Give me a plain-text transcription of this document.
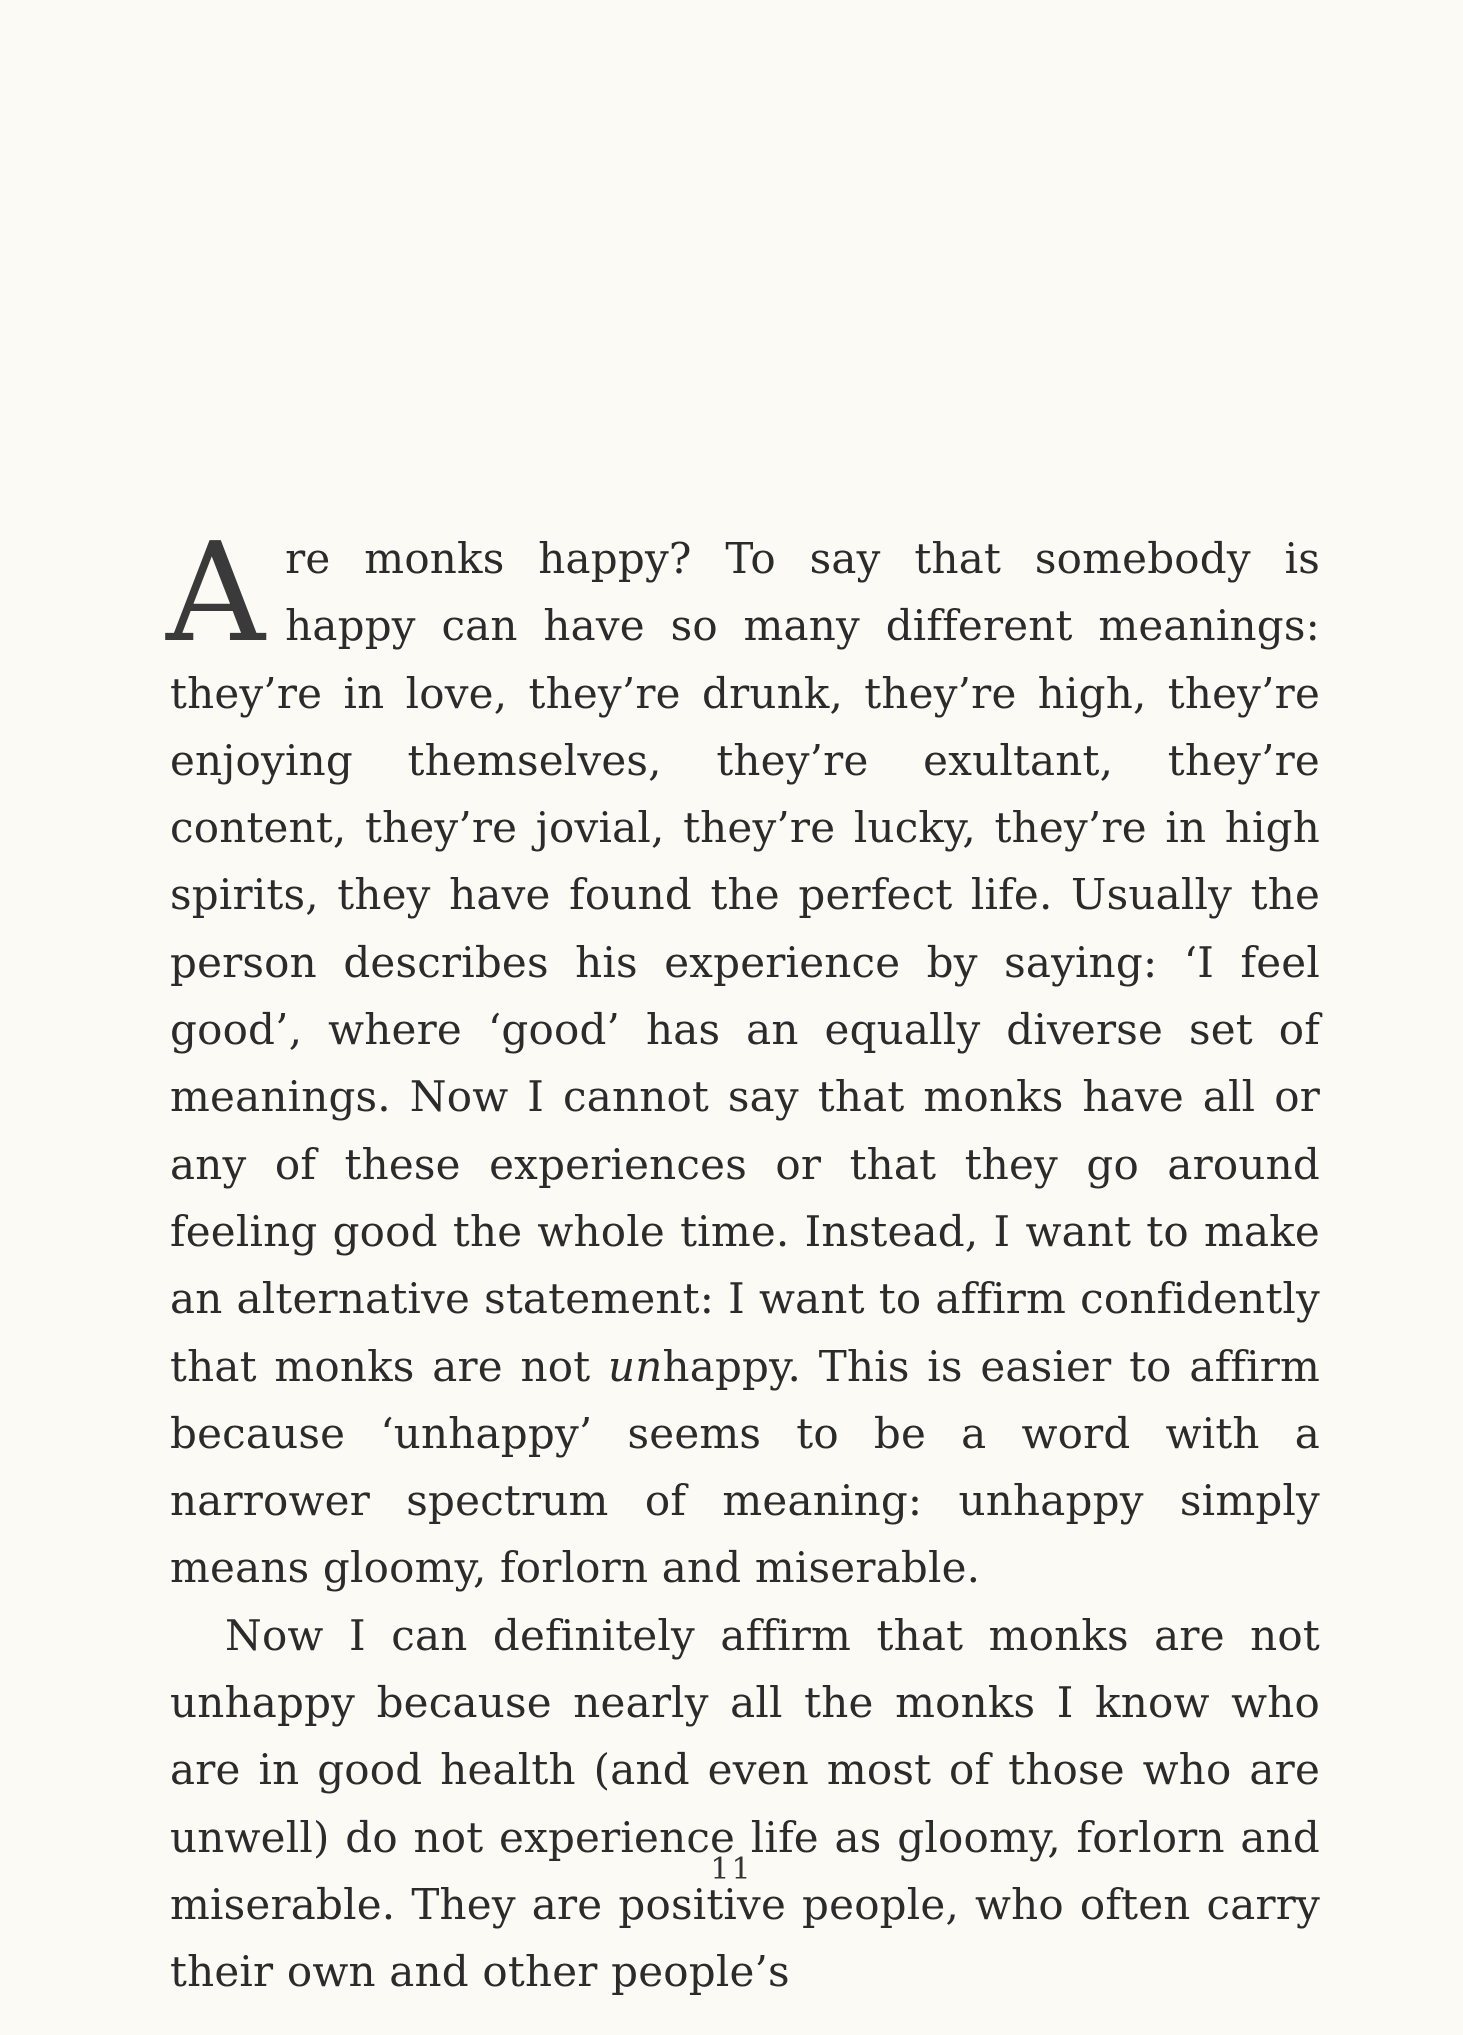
Are monks happy? To say that somebody is happy can have so many different meanings: they’re in love, they’re drunk, they’re high, they’re enjoying themselves, they’re exultant, they’re content, they’re jovial, they’re lucky, they’re in high spirits, they have found the perfect life. Usually the person describes his experience by saying: ‘I feel good’, where ‘good’ has an equally diverse set of meanings. Now I cannot say that monks have all or any of these experiences or that they go around feeling good the whole time. Instead, I want to make an alternative statement: I want to affirm confidently that monks are not unhappy. This is easier to affirm because ‘unhappy’ seems to be a word with a narrower spectrum of meaning: unhappy simply means gloomy, forlorn and miserable.

Now I can definitely affirm that monks are not unhappy because nearly all the monks I know who are in good health (and even most of those who are unwell) do not experience life as gloomy, forlorn and miserable. They are positive people, who often carry their own and other people’s

11
